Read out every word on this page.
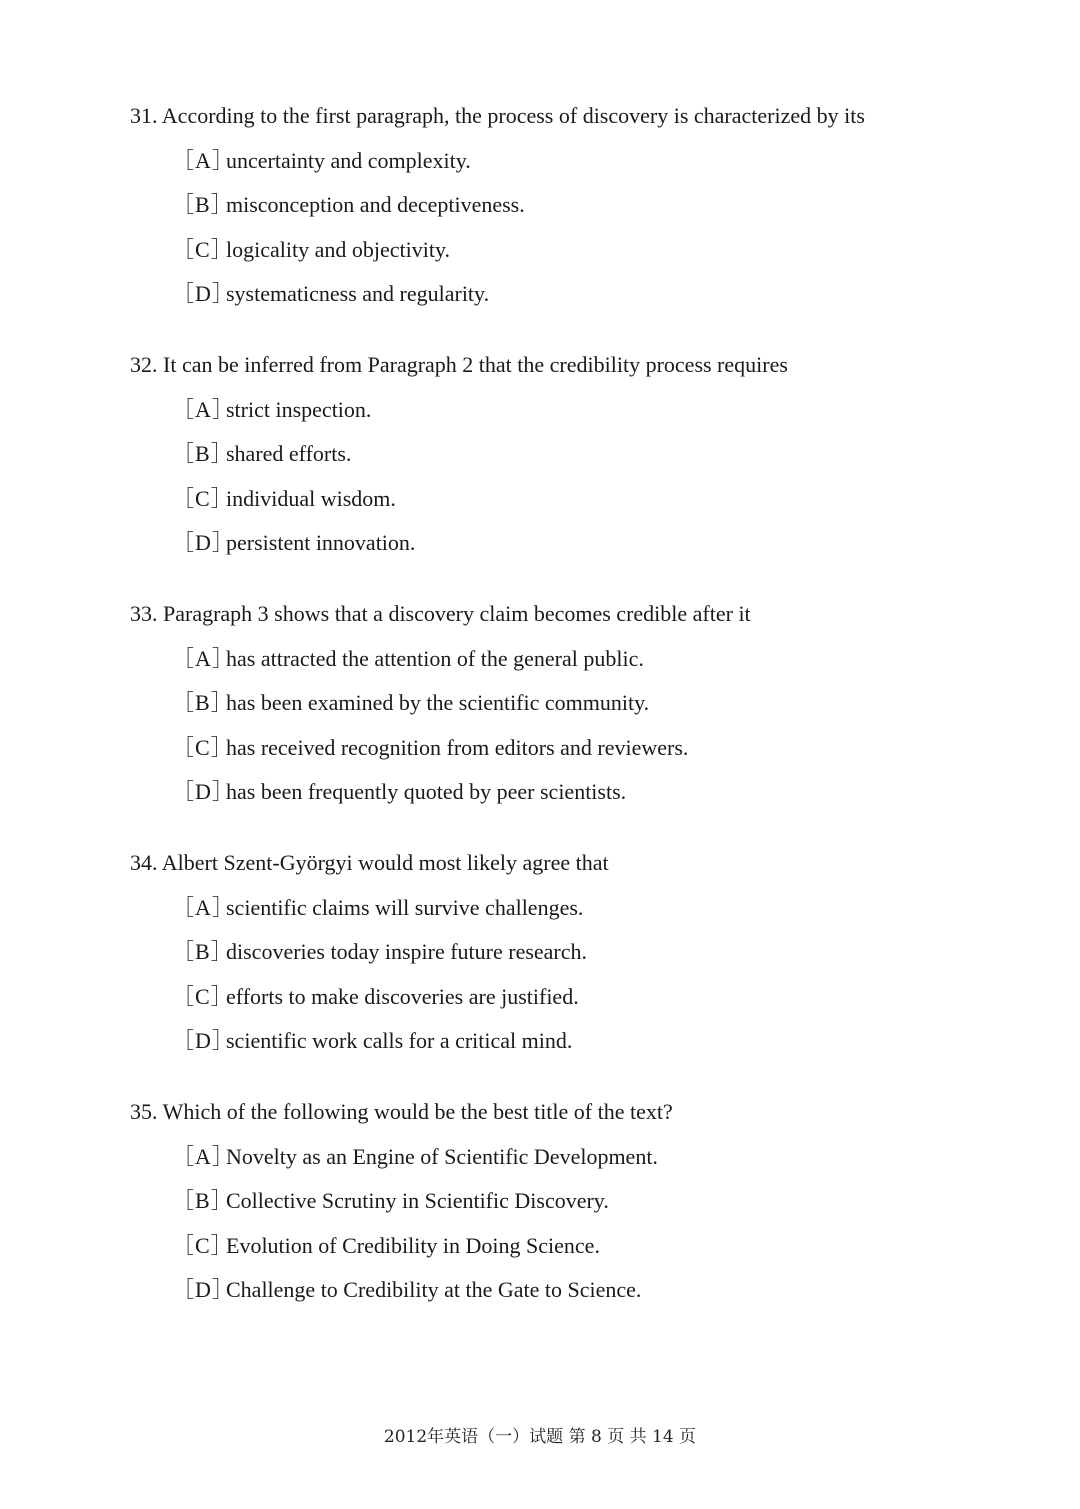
31. According to the first paragraph, the process of discovery is characterized by its
［A］uncertainty and complexity.
［B］misconception and deceptiveness.
［C］logicality and objectivity.
［D］systematicness and regularity.
32. It can be inferred from Paragraph 2 that the credibility process requires
［A］strict inspection.
［B］shared efforts.
［C］individual wisdom.
［D］persistent innovation.
33. Paragraph 3 shows that a discovery claim becomes credible after it
［A］has attracted the attention of the general public.
［B］has been examined by the scientific community.
［C］has received recognition from editors and reviewers.
［D］has been frequently quoted by peer scientists.
34. Albert Szent-Györgyi would most likely agree that
［A］scientific claims will survive challenges.
［B］discoveries today inspire future research.
［C］efforts to make discoveries are justified.
［D］scientific work calls for a critical mind.
35. Which of the following would be the best title of the text?
［A］Novelty as an Engine of Scientific Development.
［B］Collective Scrutiny in Scientific Discovery.
［C］Evolution of Credibility in Doing Science.
［D］Challenge to Credibility at the Gate to Science.
2012年英语（一）试题 第 8 页 共 14 页
